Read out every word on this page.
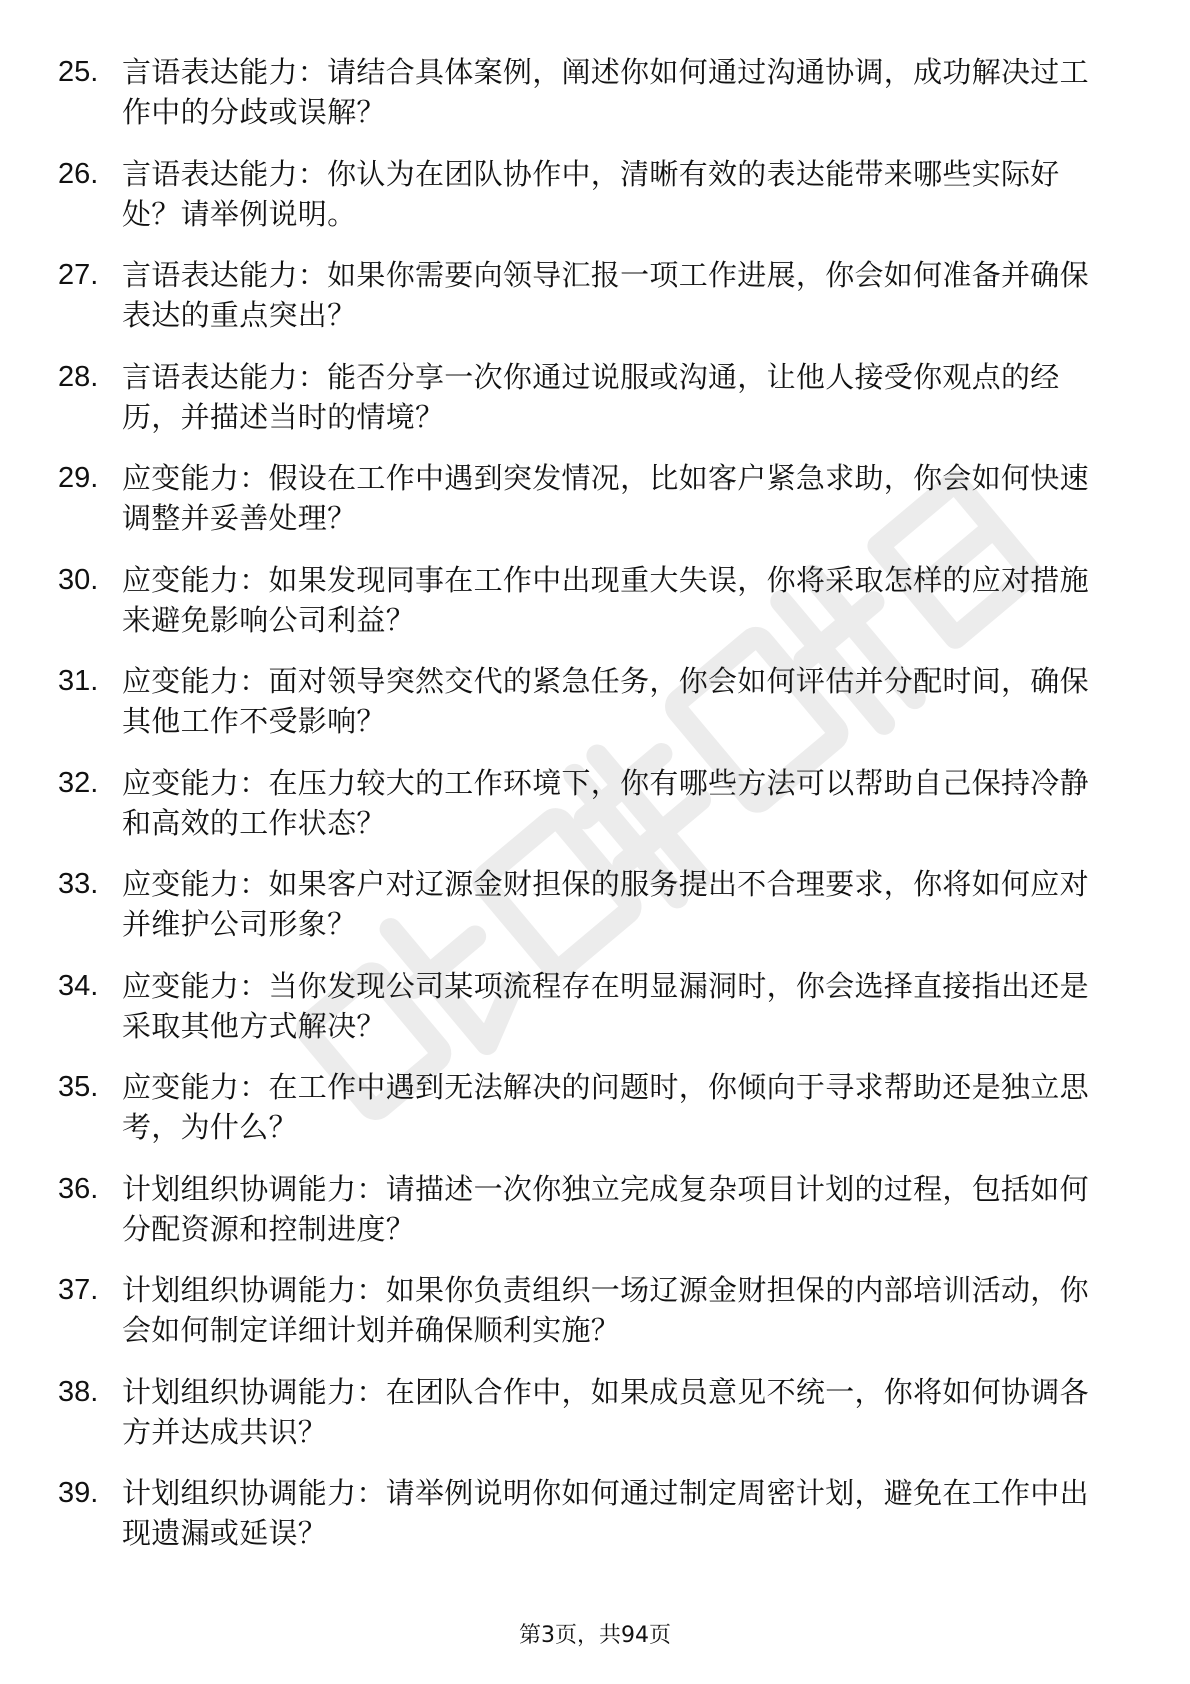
25. 言语表达能力：请结合具体案例，阐述你如何通过沟通协调，成功解决过工作中的分歧或误解？
26. 言语表达能力：你认为在团队协作中，清晰有效的表达能带来哪些实际好处？请举例说明。
27. 言语表达能力：如果你需要向领导汇报一项工作进展，你会如何准备并确保表达的重点突出？
28. 言语表达能力：能否分享一次你通过说服或沟通，让他人接受你观点的经历，并描述当时的情境？
29. 应变能力：假设在工作中遇到突发情况，比如客户紧急求助，你会如何快速调整并妥善处理？
30. 应变能力：如果发现同事在工作中出现重大失误，你将采取怎样的应对措施来避免影响公司利益？
31. 应变能力：面对领导突然交代的紧急任务，你会如何评估并分配时间，确保其他工作不受影响？
32. 应变能力：在压力较大的工作环境下，你有哪些方法可以帮助自己保持冷静和高效的工作状态？
33. 应变能力：如果客户对辽源金财担保的服务提出不合理要求，你将如何应对并维护公司形象？
34. 应变能力：当你发现公司某项流程存在明显漏洞时，你会选择直接指出还是采取其他方式解决？
35. 应变能力：在工作中遇到无法解决的问题时，你倾向于寻求帮助还是独立思考，为什么？
36. 计划组织协调能力：请描述一次你独立完成复杂项目计划的过程，包括如何分配资源和控制进度？
37. 计划组织协调能力：如果你负责组织一场辽源金财担保的内部培训活动，你会如何制定详细计划并确保顺利实施？
38. 计划组织协调能力：在团队合作中，如果成员意见不统一，你将如何协调各方并达成共识？
39. 计划组织协调能力：请举例说明你如何通过制定周密计划，避免在工作中出现遗漏或延误？
第3页，共94页
